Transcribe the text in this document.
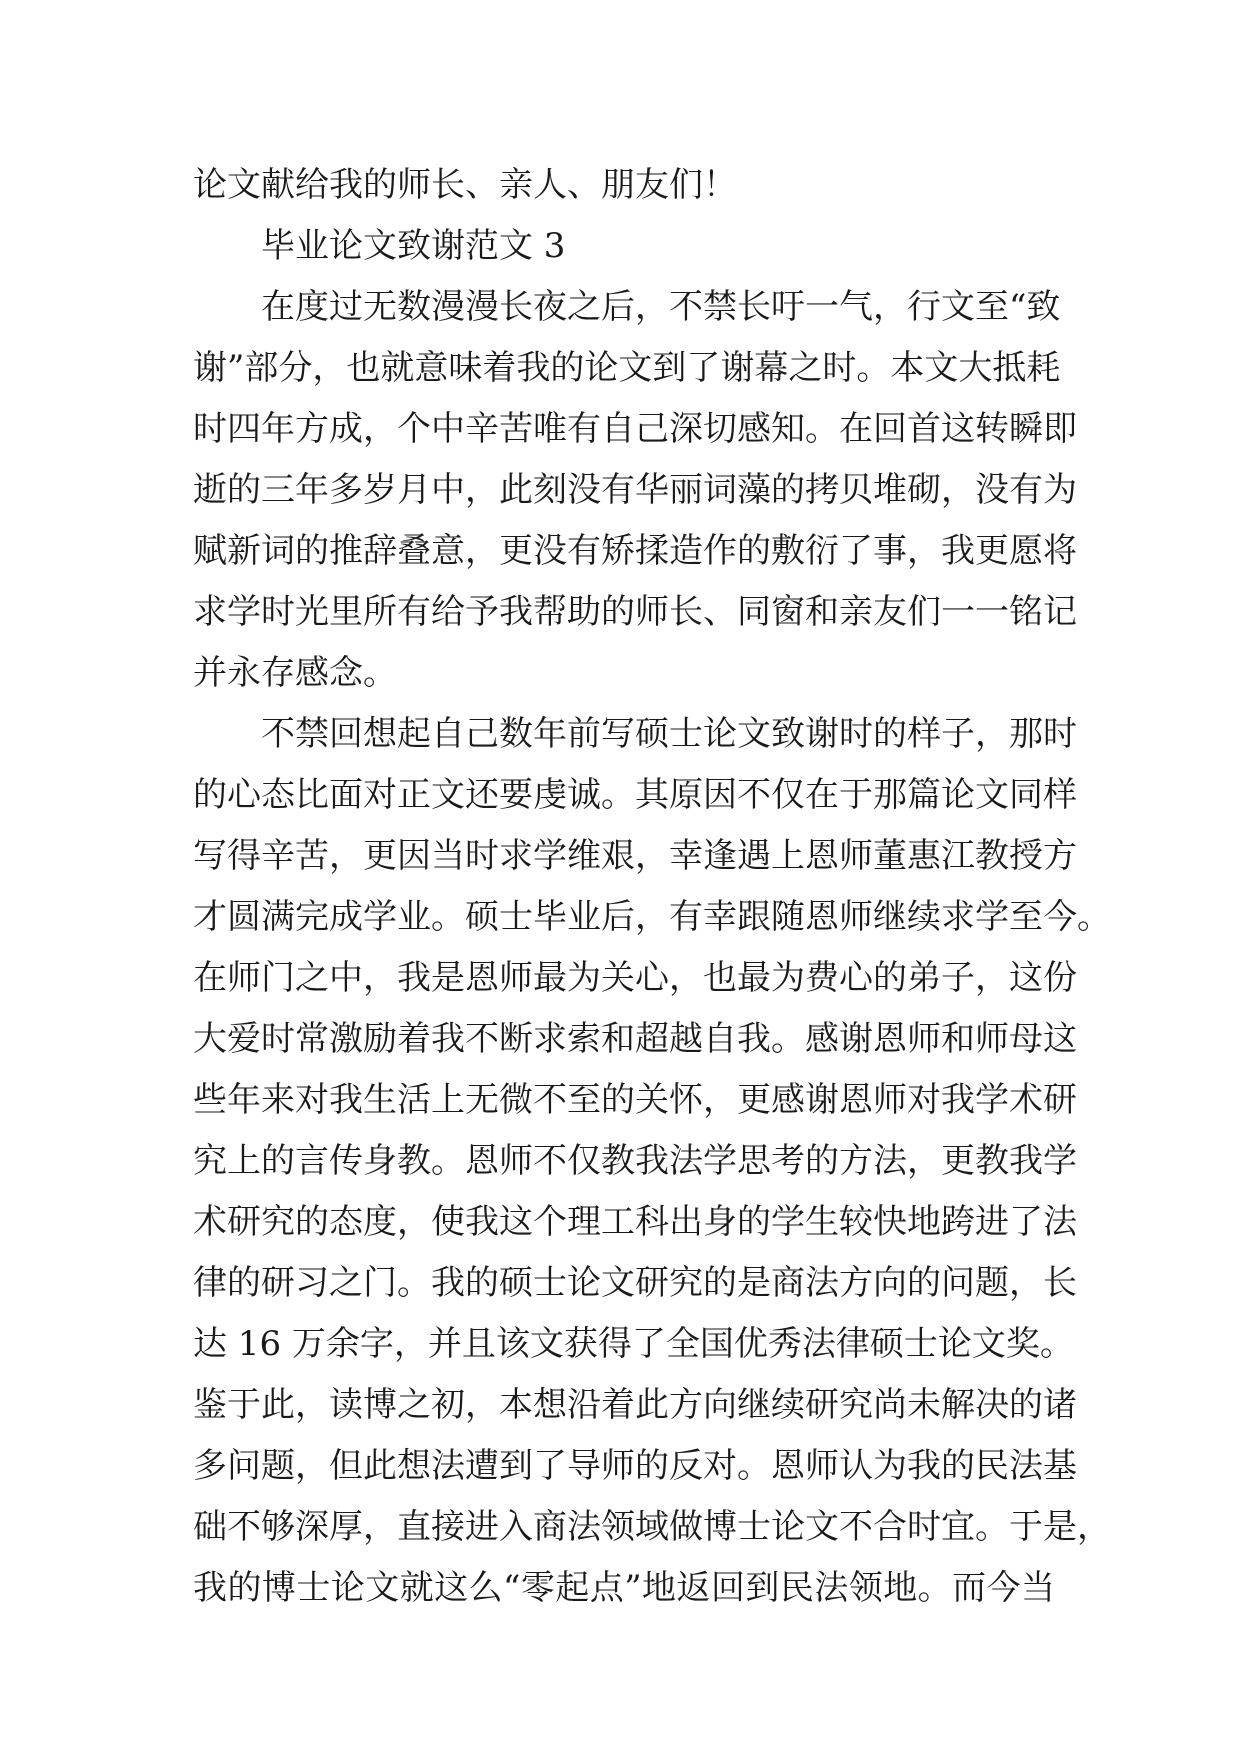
论文献给我的师长、亲人、朋友们！
毕业论文致谢范文 3
在度过无数漫漫长夜之后，不禁长吁一气，行文至“致
谢”部分，也就意味着我的论文到了谢幕之时。本文大抵耗
时四年方成，个中辛苦唯有自己深切感知。在回首这转瞬即
逝的三年多岁月中，此刻没有华丽词藻的拷贝堆砌，没有为
赋新词的推辞叠意，更没有矫揉造作的敷衍了事，我更愿将
求学时光里所有给予我帮助的师长、同窗和亲友们一一铭记
并永存感念。
不禁回想起自己数年前写硕士论文致谢时的样子，那时
的心态比面对正文还要虔诚。其原因不仅在于那篇论文同样
写得辛苦，更因当时求学维艰，幸逢遇上恩师董惠江教授方
才圆满完成学业。硕士毕业后，有幸跟随恩师继续求学至今。
在师门之中，我是恩师最为关心，也最为费心的弟子，这份
大爱时常激励着我不断求索和超越自我。感谢恩师和师母这
些年来对我生活上无微不至的关怀，更感谢恩师对我学术研
究上的言传身教。恩师不仅教我法学思考的方法，更教我学
术研究的态度，使我这个理工科出身的学生较快地跨进了法
律的研习之门。我的硕士论文研究的是商法方向的问题，长
达 16 万余字，并且该文获得了全国优秀法律硕士论文奖。
鉴于此，读博之初，本想沿着此方向继续研究尚未解决的诸
多问题，但此想法遭到了导师的反对。恩师认为我的民法基
础不够深厚，直接进入商法领域做博士论文不合时宜。于是，
我的博士论文就这么“零起点”地返回到民法领地。而今当
